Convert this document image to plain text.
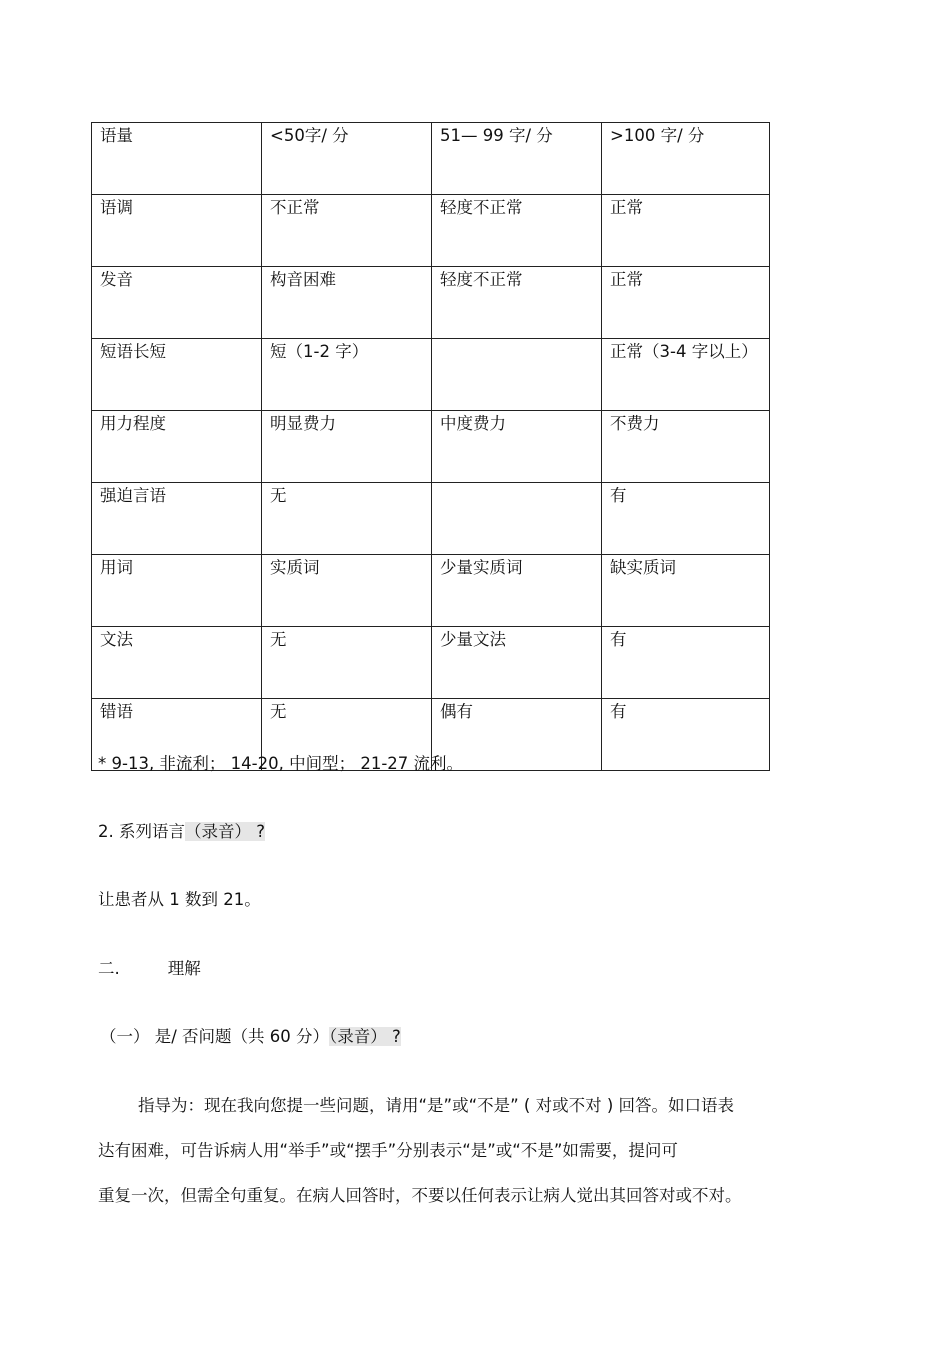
语量	<50字/ 分	51— 99 字/ 分	>100 字/ 分
语调	不正常	轻度不正常	正常
发音	构音困难	轻度不正常	正常
短语长短	短（1-2 字）		正常（3-4 字以上）
用力程度	明显费力	中度费力	不费力
强迫言语	无		有
用词	实质词	少量实质词	缺实质词
文法	无	少量文法	有
错语	无	偶有	有
* 9-13, 非流利； 14-20, 中间型； 21-27 流利。
2. 系列语言（录音） ?
让患者从 1 数到 21。
二.	理解
（一） 是/ 否问题（共 60 分）（录音） ?
指导为：现在我向您提一些问题，请用“是”或“不是” ( 对或不对 ) 回答。如口语表
达有困难，可告诉病人用“举手”或“摆手”分别表示“是”或“不是”如需要，提问可
重复一次，但需全句重复。在病人回答时，不要以任何表示让病人觉出其回答对或不对。
